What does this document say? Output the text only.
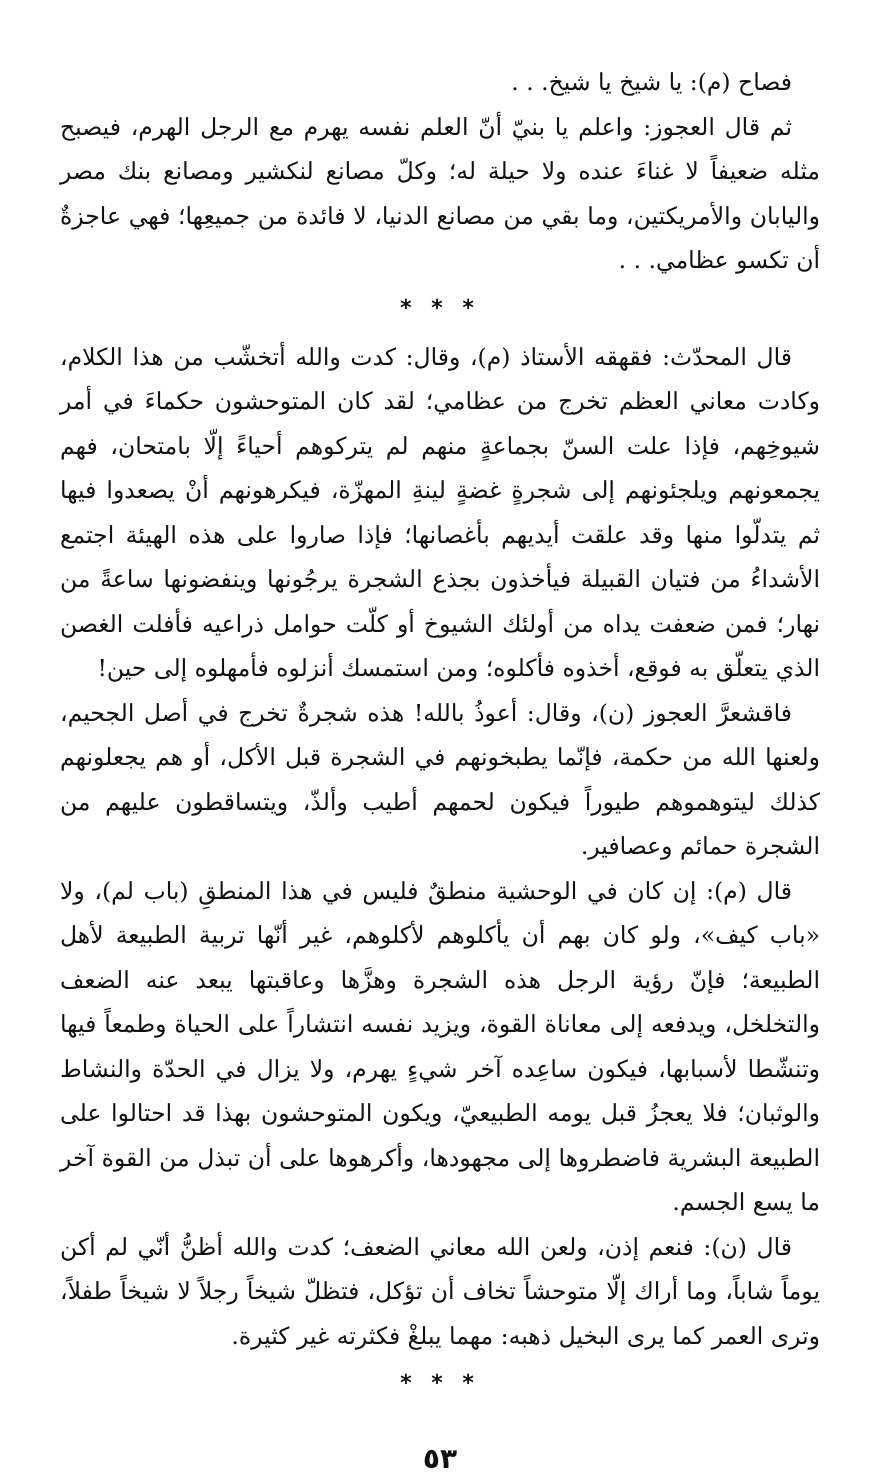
فصاح (م): يا شيخ يا شيخ. . .

ثم قال العجوز: واعلم يا بنيّ أنّ العلم نفسه يهرم مع الرجل الهرم، فيصبح مثله ضعيفاً لا غناءَ عنده ولا حيلة له؛ وكلّ مصانع لنكشير ومصانع بنك مصر واليابان والأمريكتين، وما بقي من مصانع الدنيا، لا فائدة من جميعِها؛ فهي عاجزةٌ أن تكسو عظامي. . .

* * *

قال المحدّث: فقهقه الأستاذ (م)، وقال: كدت والله أتخشّب من هذا الكلام، وكادت معاني العظم تخرج من عظامي؛ لقد كان المتوحشون حكماءَ في أمر شيوخِهم، فإذا علت السنّ بجماعةٍ منهم لم يتركوهم أحياءً إلّا بامتحان، فهم يجمعونهم ويلجئونهم إلى شجرةٍ غضةٍ لينةِ المهزّة، فيكرهونهم أنْ يصعدوا فيها ثم يتدلّوا منها وقد علقت أيديهم بأغصانها؛ فإذا صاروا على هذه الهيئة اجتمع الأشداءُ من فتيان القبيلة فيأخذون بجذع الشجرة يرجُونها وينفضونها ساعةً من نهار؛ فمن ضعفت يداه من أولئك الشيوخ أو كلّت حوامل ذراعيه فأفلت الغصن الذي يتعلّق به فوقع، أخذوه فأكلوه؛ ومن استمسك أنزلوه فأمهلوه إلى حين!

فاقشعرَّ العجوز (ن)، وقال: أعوذُ بالله! هذه شجرةٌ تخرج في أصل الجحيم، ولعنها الله من حكمة، فإنّما يطبخونهم في الشجرة قبل الأكل، أو هم يجعلونهم كذلك ليتوهموهم طيوراً فيكون لحمهم أطيب وألذّ، ويتساقطون عليهم من الشجرة حمائم وعصافير.

قال (م): إن كان في الوحشية منطقٌ فليس في هذا المنطقِ (باب لم)، ولا «باب كيف»، ولو كان بهم أن يأكلوهم لأكلوهم، غير أنّها تربية الطبيعة لأهل الطبيعة؛ فإنّ رؤية الرجل هذه الشجرة وهزَّها وعاقبتها يبعد عنه الضعف والتخلخل، ويدفعه إلى معاناة القوة، ويزيد نفسه انتشاراً على الحياة وطمعاً فيها وتنشّطا لأسبابها، فيكون ساعِده آخر شيءٍ يهرم، ولا يزال في الحدّة والنشاط والوثبان؛ فلا يعجزُ قبل يومه الطبيعيّ، ويكون المتوحشون بهذا قد احتالوا على الطبيعة البشرية فاضطروها إلى مجهودها، وأكرهوها على أن تبذل من القوة آخر ما يسع الجسم.

قال (ن): فنعم إذن، ولعن الله معاني الضعف؛ كدت والله أظنُّ أنّي لم أكن يوماً شاباً، وما أراك إلّا متوحشاً تخاف أن تؤكل، فتظلّ شيخاً رجلاً لا شيخاً طفلاً، وترى العمر كما يرى البخيل ذهبه: مهما يبلغْ فكثرته غير كثيرة.

* * *
٥٣
